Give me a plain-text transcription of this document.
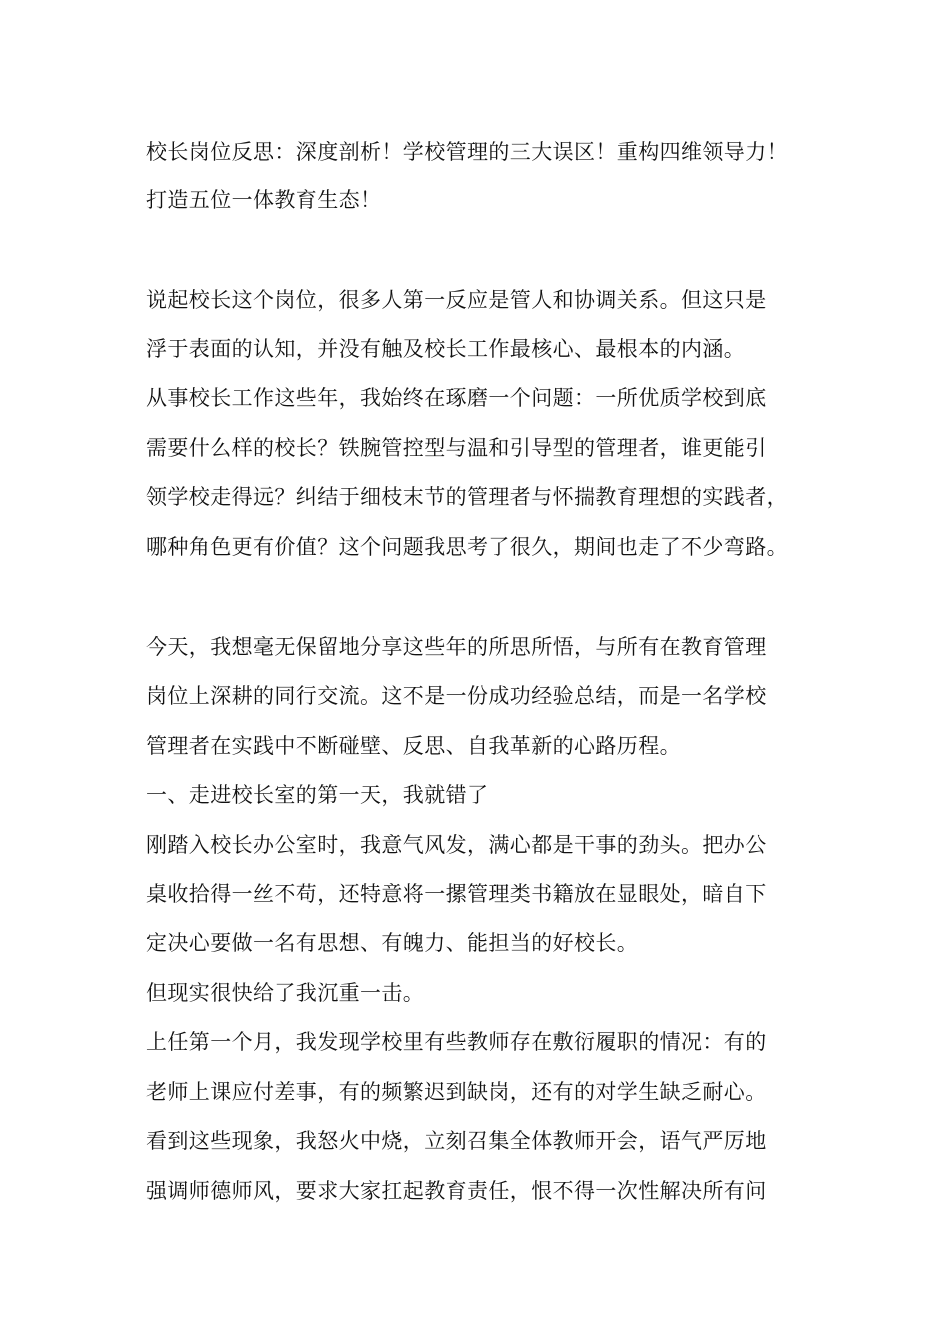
校长岗位反思：深度剖析！学校管理的三大误区！重构四维领导力！

打造五位一体教育生态！

说起校长这个岗位，很多人第一反应是管人和协调关系。但这只是

浮于表面的认知，并没有触及校长工作最核心、最根本的内涵。

从事校长工作这些年，我始终在琢磨一个问题：一所优质学校到底

需要什么样的校长？铁腕管控型与温和引导型的管理者，谁更能引

领学校走得远？纠结于细枝末节的管理者与怀揣教育理想的实践者，

哪种角色更有价值？这个问题我思考了很久，期间也走了不少弯路。

今天，我想毫无保留地分享这些年的所思所悟，与所有在教育管理

岗位上深耕的同行交流。这不是一份成功经验总结，而是一名学校

管理者在实践中不断碰壁、反思、自我革新的心路历程。

一、走进校长室的第一天，我就错了

刚踏入校长办公室时，我意气风发，满心都是干事的劲头。把办公

桌收拾得一丝不苟，还特意将一摞管理类书籍放在显眼处，暗自下

定决心要做一名有思想、有魄力、能担当的好校长。

但现实很快给了我沉重一击。

上任第一个月，我发现学校里有些教师存在敷衍履职的情况：有的

老师上课应付差事，有的频繁迟到缺岗，还有的对学生缺乏耐心。

看到这些现象，我怒火中烧，立刻召集全体教师开会，语气严厉地

强调师德师风，要求大家扛起教育责任，恨不得一次性解决所有问
